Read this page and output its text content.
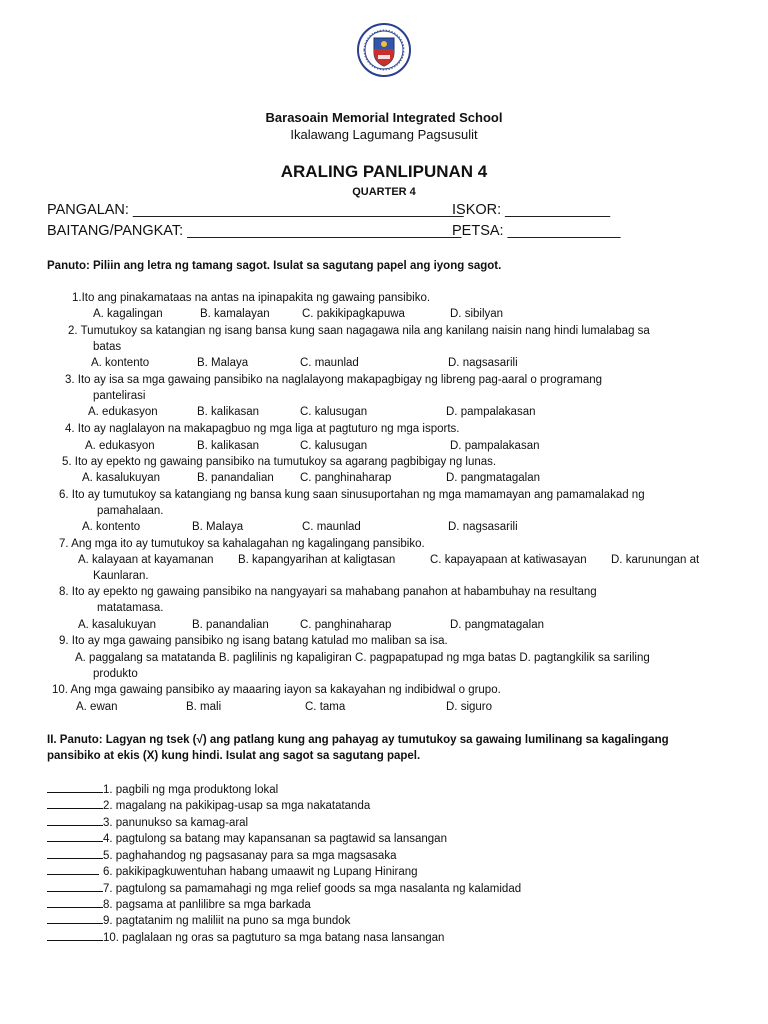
Barasoain Memorial Integrated School
Ikalawang Lagumang Pagsusulit
ARALING PANLIPUNAN 4
QUARTER 4
PANGALAN: _________________________________________
ISKOR: _____________
BAITANG/PANGKAT: __________________________________
PETSA: ______________
Panuto: Piliin ang letra ng tamang sagot. Isulat sa sagutang papel ang iyong sagot.
1.Ito ang pinakamataas na antas na ipinapakita ng gawaing pansibiko.
A. kagalingan	B. kamalayan	C. pakikipagkapuwa	D. sibilyan
2. Tumutukoy sa katangian ng isang bansa kung saan nagagawa nila ang kanilang naisin nang hindi lumalabag sa
batas
A. kontento	B. Malaya	C. maunlad	D. nagsasarili
3. Ito ay isa sa mga gawaing pansibiko na naglalayong makapagbigay ng libreng pag-aaral o programang
pantelirasi
A. edukasyon	B. kalikasan	C. kalusugan	D. pampalakasan
4. Ito ay naglalayon na makapagbuo ng mga liga at pagtuturo ng mga isports.
A. edukasyon	B. kalikasan	C. kalusugan	D. pampalakasan
5. Ito ay epekto ng gawaing pansibiko na tumutukoy sa agarang pagbibigay ng lunas.
A. kasalukuyan	B. panandalian C. panghinaharap	D. pangmatagalan
6. Ito ay tumutukoy sa katangiang ng bansa kung saan sinusuportahan ng mga mamamayan ang pamamalakad ng
pamahalaan.
A. kontento	B. Malaya	C. maunlad	D. nagsasarili
7. Ang mga ito ay tumutukoy sa kahalagahan ng kagalingang pansibiko.
A. kalayaan at kayamanan B. kapangyarihan at kaligtasan	C. kapayapaan at katiwasayan D. karunungan at
Kaunlaran.
8. Ito ay epekto ng gawaing pansibiko na nangyayari sa mahabang panahon at habambuhay na resultang
matatamasa.
A. kasalukuyan	B. panandalian	C. panghinaharap	D. pangmatagalan
9. Ito ay mga gawaing pansibiko ng isang batang katulad mo maliban sa isa.
A. paggalang sa matatanda B. paglilinis ng kapaligiran C. pagpapatupad ng mga batas D. pagtangkilik sa sariling
produkto
10. Ang mga gawaing pansibiko ay maaaring iayon sa kakayahan ng indibidwal o grupo.
A. ewan	B. mali	C. tama	D. siguro
II. Panuto: Lagyan ng tsek (√) ang patlang kung ang pahayag ay tumutukoy sa gawaing lumilinang sa kagalingang
pansibiko at ekis (X) kung hindi. Isulat ang sagot sa sagutang papel.
1. pagbili ng mga produktong lokal
2. magalang na pakikipag-usap sa mga nakatatanda
3. panunukso sa kamag-aral
4. pagtulong sa batang may kapansanan sa pagtawid sa lansangan
5. paghahandog ng pagsasanay para sa mga magsasaka
6. pakikipagkuwentuhan habang umaawit ng Lupang Hinirang
7. pagtulong sa pamamahagi ng mga relief goods sa mga nasalanta ng kalamidad
8. pagsama at panlilibre sa mga barkada
9. pagtatanim ng maliliit na puno sa mga bundok
10. paglalaan ng oras sa pagtuturo sa mga batang nasa lansangan
